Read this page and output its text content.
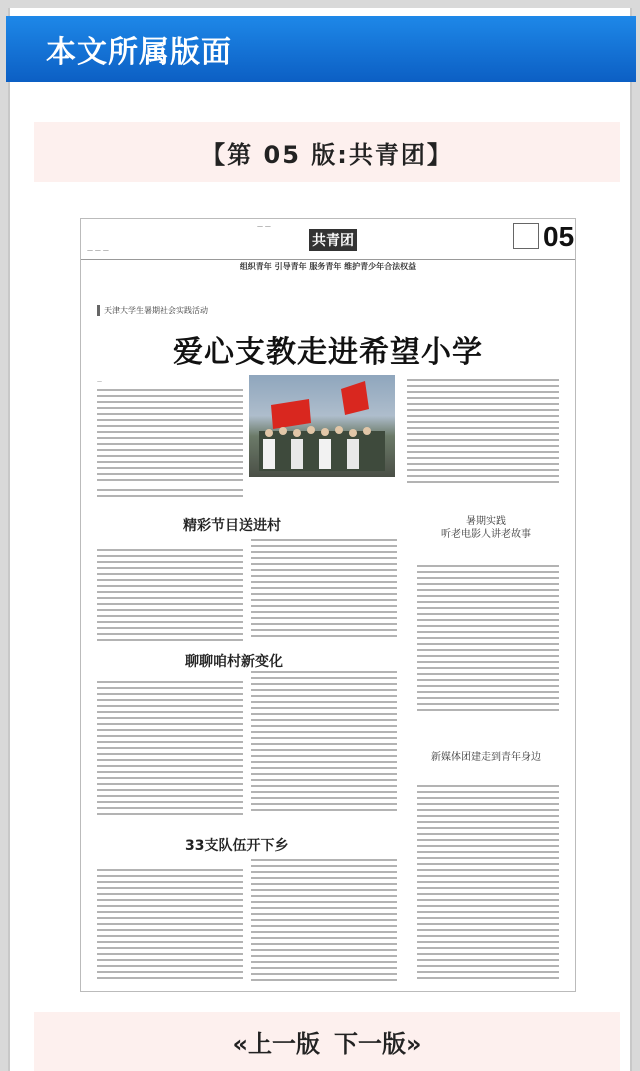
本文所属版面
【第 05 版:共青团】
— —
— — —
共青团	05
组织青年 引导青年 服务青年 维护青少年合法权益
天津大学生暑期社会实践活动
爱心支教走进希望小学
—
精彩节目送进村	暑期实践
听老电影人讲老故事
聊聊咱村新变化
新媒体团建走到青年身边
33支队伍开下乡
«上一版 下一版»
